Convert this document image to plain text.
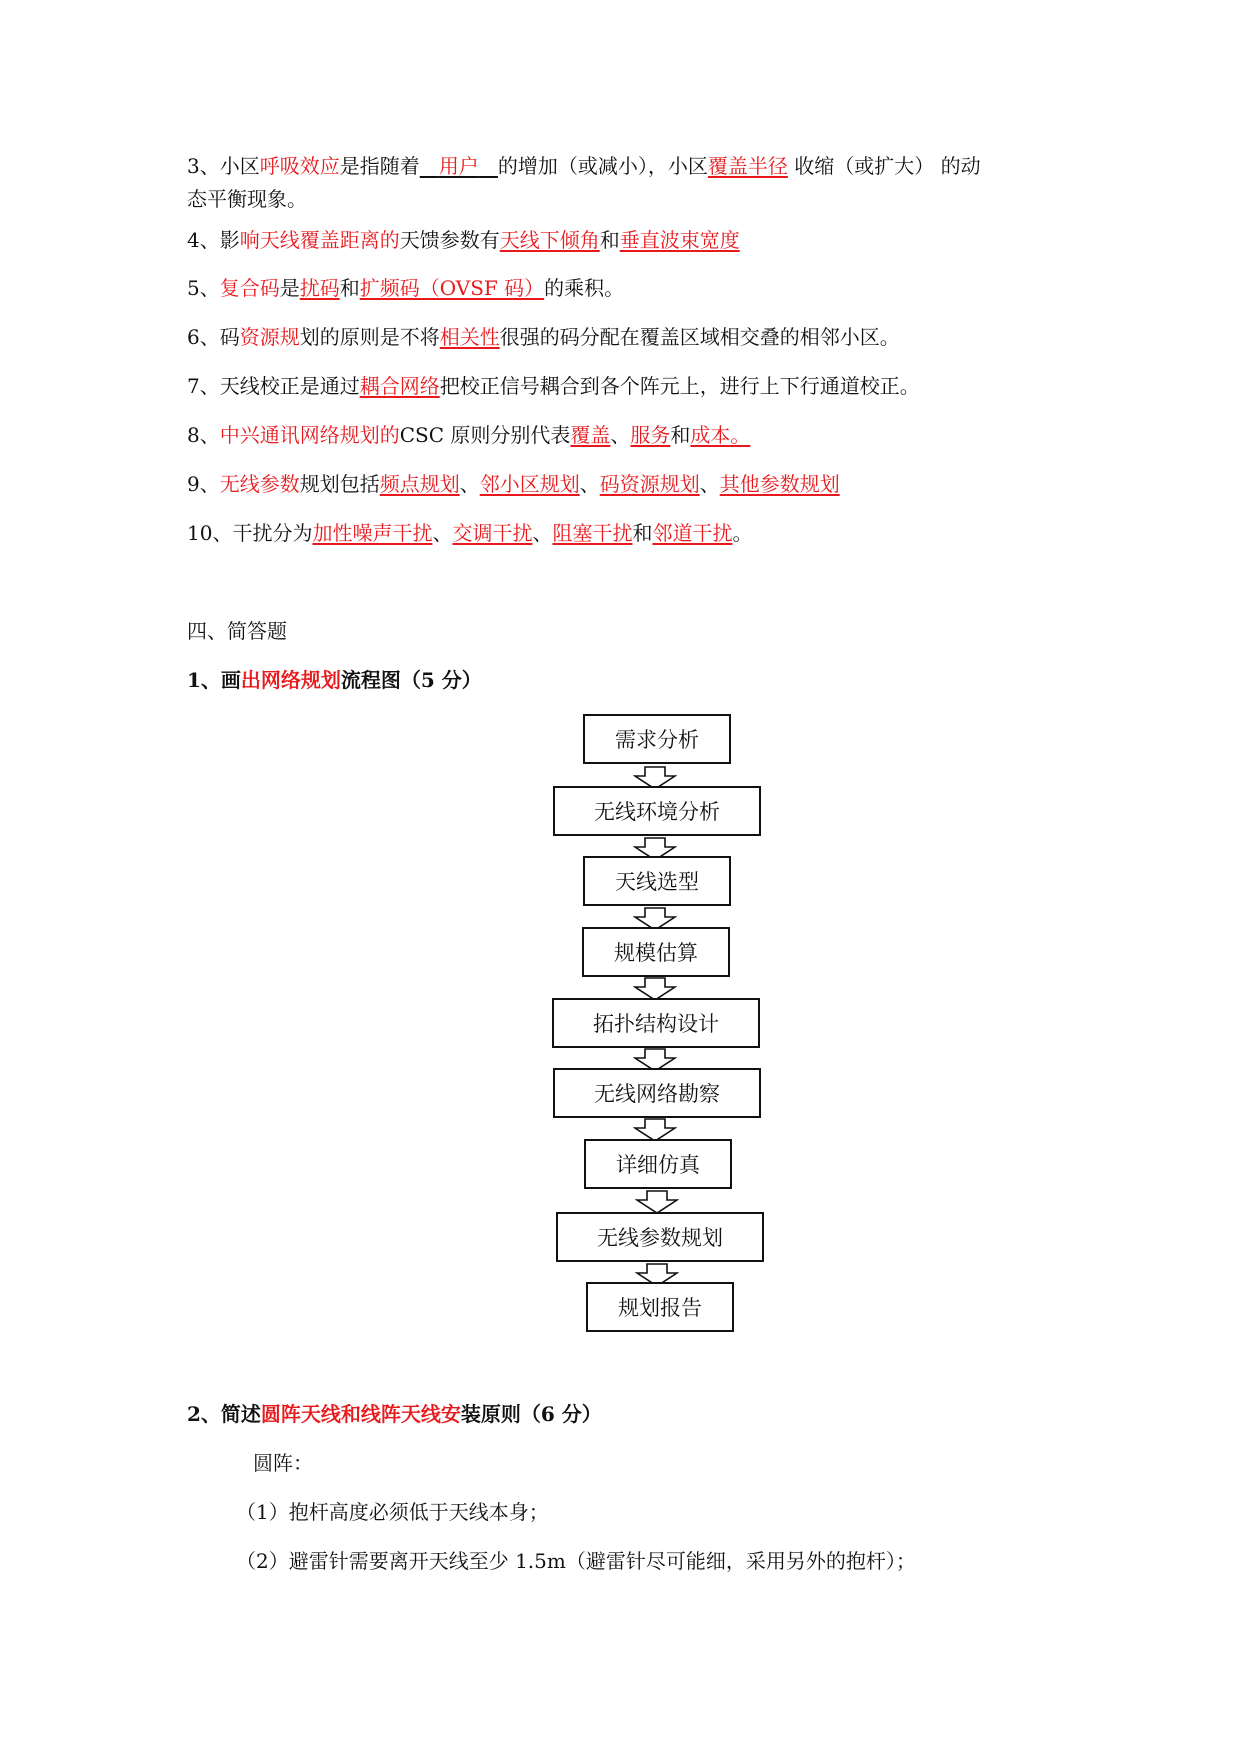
3、小区呼吸效应是指随着 用户 的增加（或减小），小区覆盖半径 收缩（或扩大） 的动
态平衡现象。
4、影响天线覆盖距离的天馈参数有天线下倾角和垂直波束宽度
5、复合码是扰码和扩频码（OVSF 码）的乘积。
6、码资源规划的原则是不将相关性很强的码分配在覆盖区域相交叠的相邻小区。
7、天线校正是通过耦合网络把校正信号耦合到各个阵元上，进行上下行通道校正。
8、中兴通讯网络规划的CSC 原则分别代表覆盖、服务和成本。
9、无线参数规划包括频点规划、邻小区规划、码资源规划、其他参数规划
10、干扰分为加性噪声干扰、交调干扰、阻塞干扰和邻道干扰。
四、简答题
1、画出网络规划流程图（5 分）
需求分析
无线环境分析
天线选型
规模估算
拓扑结构设计
无线网络勘察
详细仿真
无线参数规划
规划报告
2、简述圆阵天线和线阵天线安装原则（6 分）
圆阵：
（1）抱杆高度必须低于天线本身；
（2）避雷针需要离开天线至少 1.5m（避雷针尽可能细，采用另外的抱杆）；
